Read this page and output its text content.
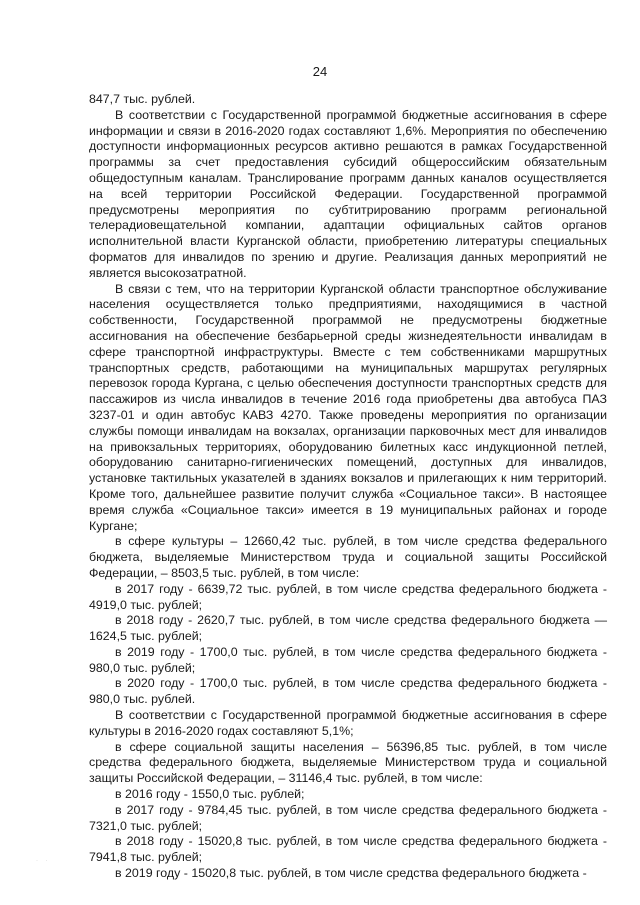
24

847,7 тыс. рублей.

В соответствии с Государственной программой бюджетные ассигнования в сфере информации и связи в 2016-2020 годах составляют 1,6%. Мероприятия по обеспечению доступности информационных ресурсов активно решаются в рамках Государственной программы за счет предоставления субсидий общероссийским обязательным общедоступным каналам. Транслирование программ данных каналов осуществляется на всей территории Российской Федерации. Государственной программой предусмотрены мероприятия по субтитрированию программ региональной телерадиовещательной компании, адаптации официальных сайтов органов исполнительной власти Курганской области, приобретению литературы специальных форматов для инвалидов по зрению и другие. Реализация данных мероприятий не является высокозатратной.

В связи с тем, что на территории Курганской области транспортное обслуживание населения осуществляется только предприятиями, находящимися в частной собственности, Государственной программой не предусмотрены бюджетные ассигнования на обеспечение безбарьерной среды жизнедеятельности инвалидам в сфере транспортной инфраструктуры. Вместе с тем собственниками маршрутных транспортных средств, работающими на муниципальных маршрутах регулярных перевозок города Кургана, с целью обеспечения доступности транспортных средств для пассажиров из числа инвалидов в течение 2016 года приобретены два автобуса ПАЗ 3237-01 и один автобус КАВЗ 4270. Также проведены мероприятия по организации службы помощи инвалидам на вокзалах, организации парковочных мест для инвалидов на привокзальных территориях, оборудованию билетных касс индукционной петлей, оборудованию санитарно-гигиенических помещений, доступных для инвалидов, установке тактильных указателей в зданиях вокзалов и прилегающих к ним территорий. Кроме того, дальнейшее развитие получит служба «Социальное такси». В настоящее время служба «Социальное такси» имеется в 19 муниципальных районах и городе Кургане;

в сфере культуры – 12660,42 тыс. рублей, в том числе средства федерального бюджета, выделяемые Министерством труда и социальной защиты Российской Федерации, – 8503,5 тыс. рублей, в том числе:

в 2017 году - 6639,72 тыс. рублей, в том числе средства федерального бюджета - 4919,0 тыс. рублей;

в 2018 году - 2620,7 тыс. рублей, в том числе средства федерального бюджета — 1624,5 тыс. рублей;

в 2019 году - 1700,0 тыс. рублей, в том числе средства федерального бюджета - 980,0 тыс. рублей;

в 2020 году - 1700,0 тыс. рублей, в том числе средства федерального бюджета - 980,0 тыс. рублей.

В соответствии с Государственной программой бюджетные ассигнования в сфере культуры в 2016-2020 годах составляют 5,1%;

в сфере социальной защиты населения – 56396,85 тыс. рублей, в том числе средства федерального бюджета, выделяемые Министерством труда и социальной защиты Российской Федерации, – 31146,4 тыс. рублей, в том числе:

в 2016 году - 1550,0 тыс. рублей;

в 2017 году - 9784,45 тыс. рублей, в том числе средства федерального бюджета - 7321,0 тыс. рублей;

в 2018 году - 15020,8 тыс. рублей, в том числе средства федерального бюджета - 7941,8 тыс. рублей;

в 2019 году - 15020,8 тыс. рублей, в том числе средства федерального бюджета -

· ·
